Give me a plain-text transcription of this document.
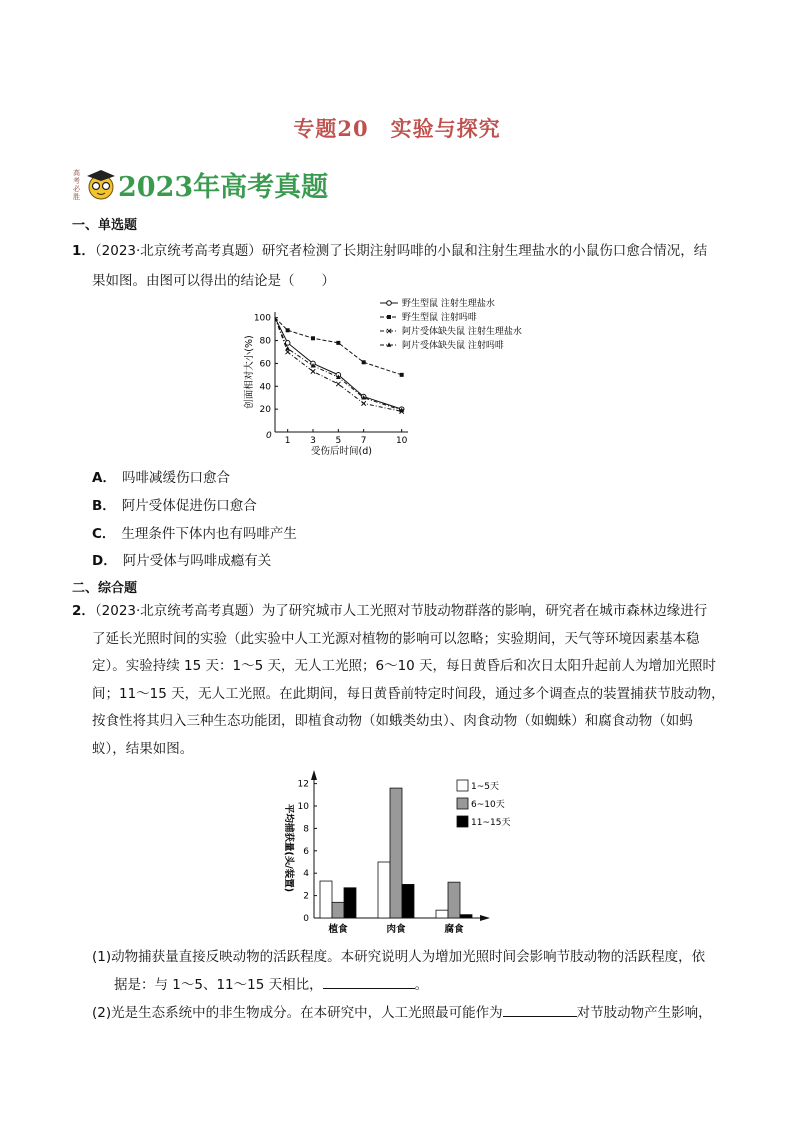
专题20　实验与探究
高
考
必
胜 2023年高考真题
一、单选题
1．（2023·北京统考高考真题）研究者检测了长期注射吗啡的小鼠和注射生理盐水的小鼠伤口愈合情况，结
果如图。由图可以得出的结论是（　　）
0
20
40
60
80
100
1 3 5 7	10
受伤后时间(d)
创面相对大小(%)
野生型鼠 注射生理盐水
野生型鼠 注射吗啡
阿片受体缺失鼠 注射生理盐水
阿片受体缺失鼠 注射吗啡
A． 吗啡减缓伤口愈合
B． 阿片受体促进伤口愈合
C． 生理条件下体内也有吗啡产生
D． 阿片受体与吗啡成瘾有关
二、综合题
2．（2023·北京统考高考真题）为了研究城市人工光照对节肢动物群落的影响，研究者在城市森林边缘进行
了延长光照时间的实验（此实验中人工光源对植物的影响可以忽略；实验期间，天气等环境因素基本稳
定）。实验持续 15 天：1～5 天，无人工光照；6～10 天，每日黄昏后和次日太阳升起前人为增加光照时
间；11～15 天，无人工光照。在此期间，每日黄昏前特定时间段，通过多个调查点的装置捕获节肢动物，
按食性将其归入三种生态功能团，即植食动物（如蛾类幼虫）、肉食动物（如蜘蛛）和腐食动物（如蚂
蚁），结果如图。
0
2
4
6
8
10
12
平均捕获量(头/装置)
植食	肉食	腐食
1~5天
6~10天
11~15天
(1)动物捕获量直接反映动物的活跃程度。本研究说明人为增加光照时间会影响节肢动物的活跃程度，依
据是：与 1～5、11～15 天相比，	。
(2)光是生态系统中的非生物成分。在本研究中，人工光照最可能作为	对节肢动物产生影响，
